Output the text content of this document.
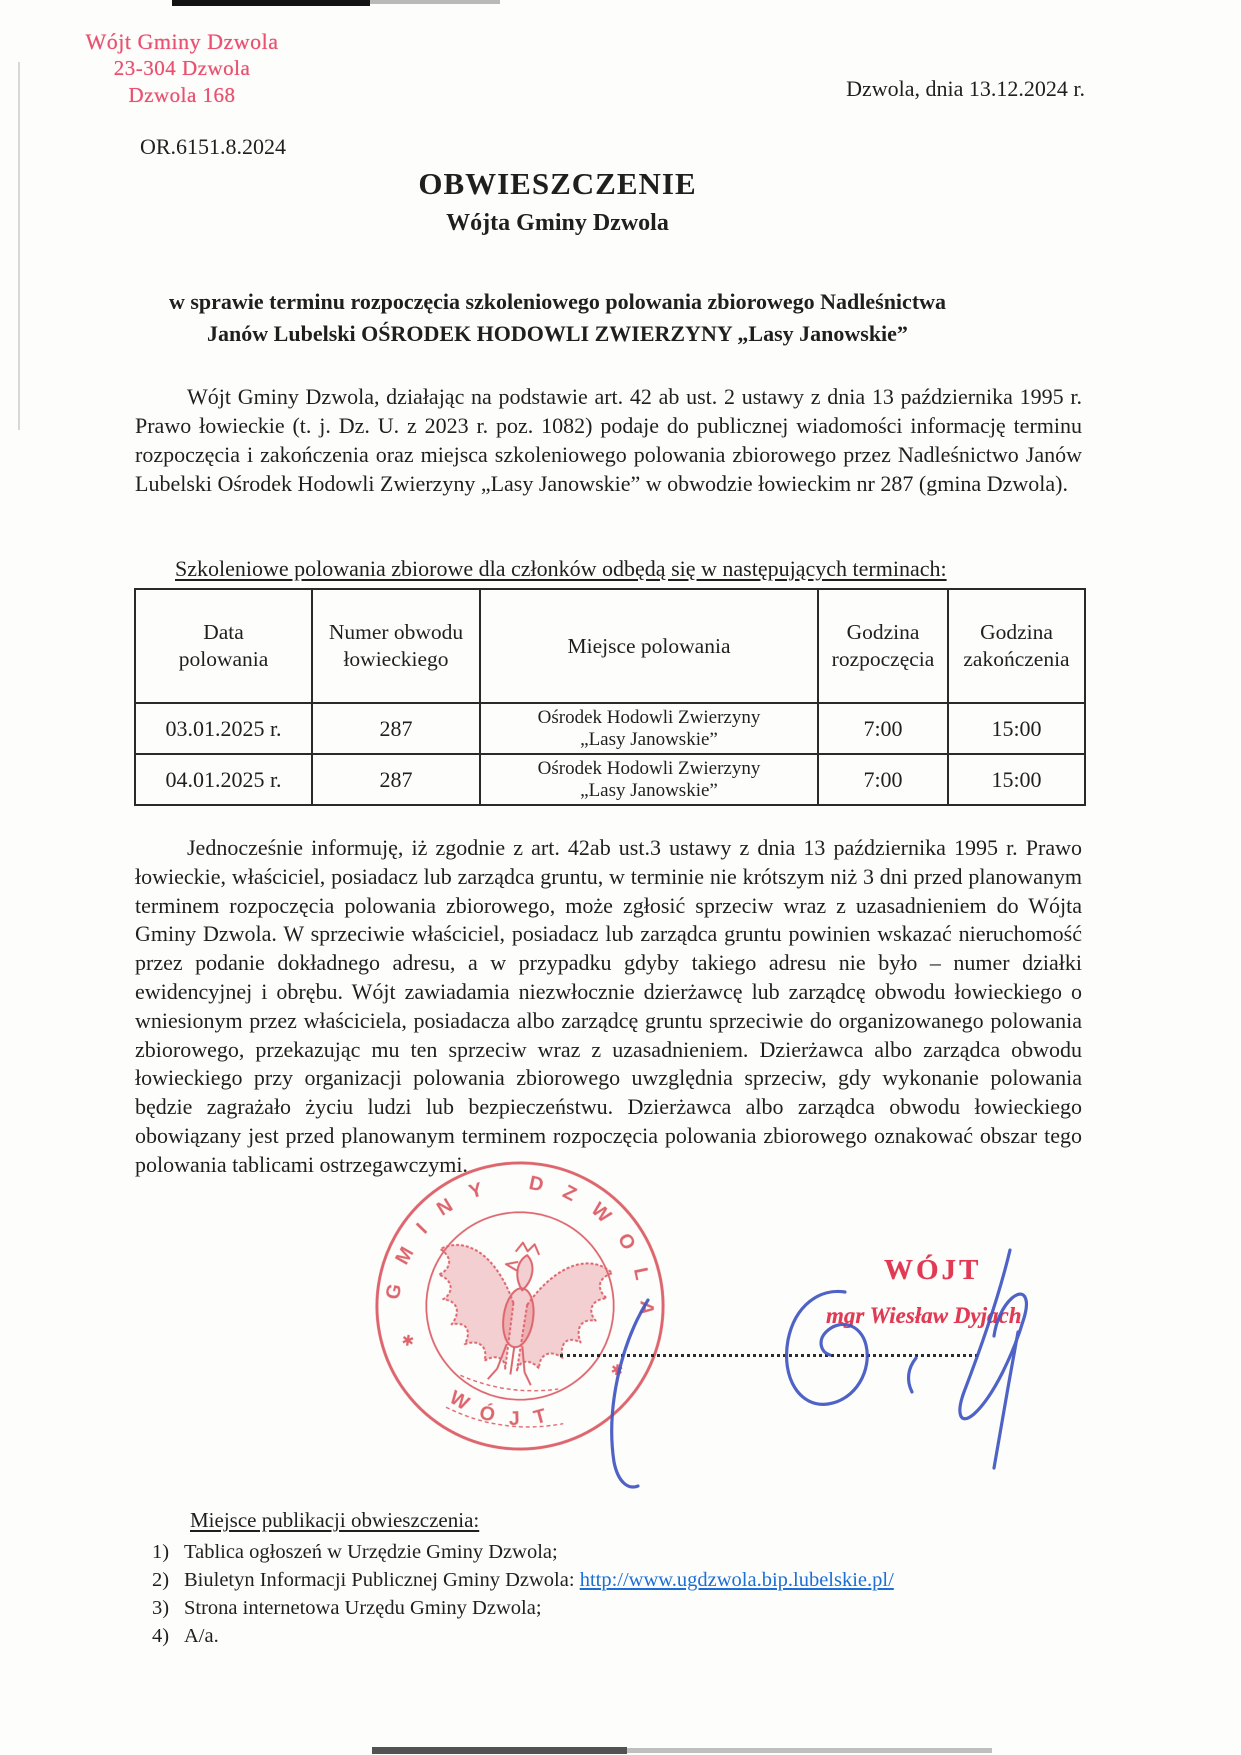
Wójt Gminy Dzwola
23-304 Dzwola
Dzwola 168	Dzwola, dnia 13.12.2024 r.
OR.6151.8.2024
OBWIESZCZENIE
Wójta Gminy Dzwola
w sprawie terminu rozpoczęcia szkoleniowego polowania zbiorowego Nadleśnictwa
Janów Lubelski OŚRODEK HODOWLI ZWIERZYNY „Lasy Janowskie”
Wójt Gminy Dzwola, działając na podstawie art. 42 ab ust. 2 ustawy z dnia 13 października 1995 r. Prawo łowieckie (t. j. Dz. U. z 2023 r. poz. 1082) podaje do publicznej wiadomości informację terminu rozpoczęcia i zakończenia oraz miejsca szkoleniowego polowania zbiorowego przez Nadleśnictwo Janów Lubelski Ośrodek Hodowli Zwierzyny „Lasy Janowskie” w obwodzie łowieckim nr 287 (gmina Dzwola).
Szkoleniowe polowania zbiorowe dla członków odbędą się w następujących terminach:
Data polowania	Numer obwodu łowieckiego	Miejsce polowania	Godzina rozpoczęcia	Godzina zakończenia
03.01.2025 r.	287	Ośrodek Hodowli Zwierzyny
„Lasy Janowskie”	7:00	15:00
04.01.2025 r.	287	Ośrodek Hodowli Zwierzyny
„Lasy Janowskie”	7:00	15:00
Jednocześnie informuję, iż zgodnie z art. 42ab ust.3 ustawy z dnia 13 października 1995 r. Prawo łowieckie, właściciel, posiadacz lub zarządca gruntu, w terminie nie krótszym niż 3 dni przed planowanym terminem rozpoczęcia polowania zbiorowego, może zgłosić sprzeciw wraz z uzasadnieniem do Wójta Gminy Dzwola. W sprzeciwie właściciel, posiadacz lub zarządca gruntu powinien wskazać nieruchomość przez podanie dokładnego adresu, a w przypadku gdyby takiego adresu nie było – numer działki ewidencyjnej i obrębu. Wójt zawiadamia niezwłocznie dzierżawcę lub zarządcę obwodu łowieckiego o wniesionym przez właściciela, posiadacza albo zarządcę gruntu sprzeciwie do organizowanego polowania zbiorowego, przekazując mu ten sprzeciw wraz z uzasadnieniem. Dzierżawca albo zarządca obwodu łowieckiego przy organizacji polowania zbiorowego uwzględnia sprzeciw, gdy wykonanie polowania będzie zagrażało życiu ludzi lub bezpieczeństwu. Dzierżawca albo zarządca obwodu łowieckiego obowiązany jest przed planowanym terminem rozpoczęcia polowania zbiorowego oznakować obszar tego polowania tablicami ostrzegawczymi.
GMINY DZWOLA
WÓJT
✱
✱
WÓJT
mgr Wiesław Dyjach
Miejsce publikacji obwieszczenia:
1) Tablica ogłoszeń w Urzędzie Gminy Dzwola;
2) Biuletyn Informacji Publicznej Gminy Dzwola: http://www.ugdzwola.bip.lubelskie.pl/
3) Strona internetowa Urzędu Gminy Dzwola;
4) A/a.
